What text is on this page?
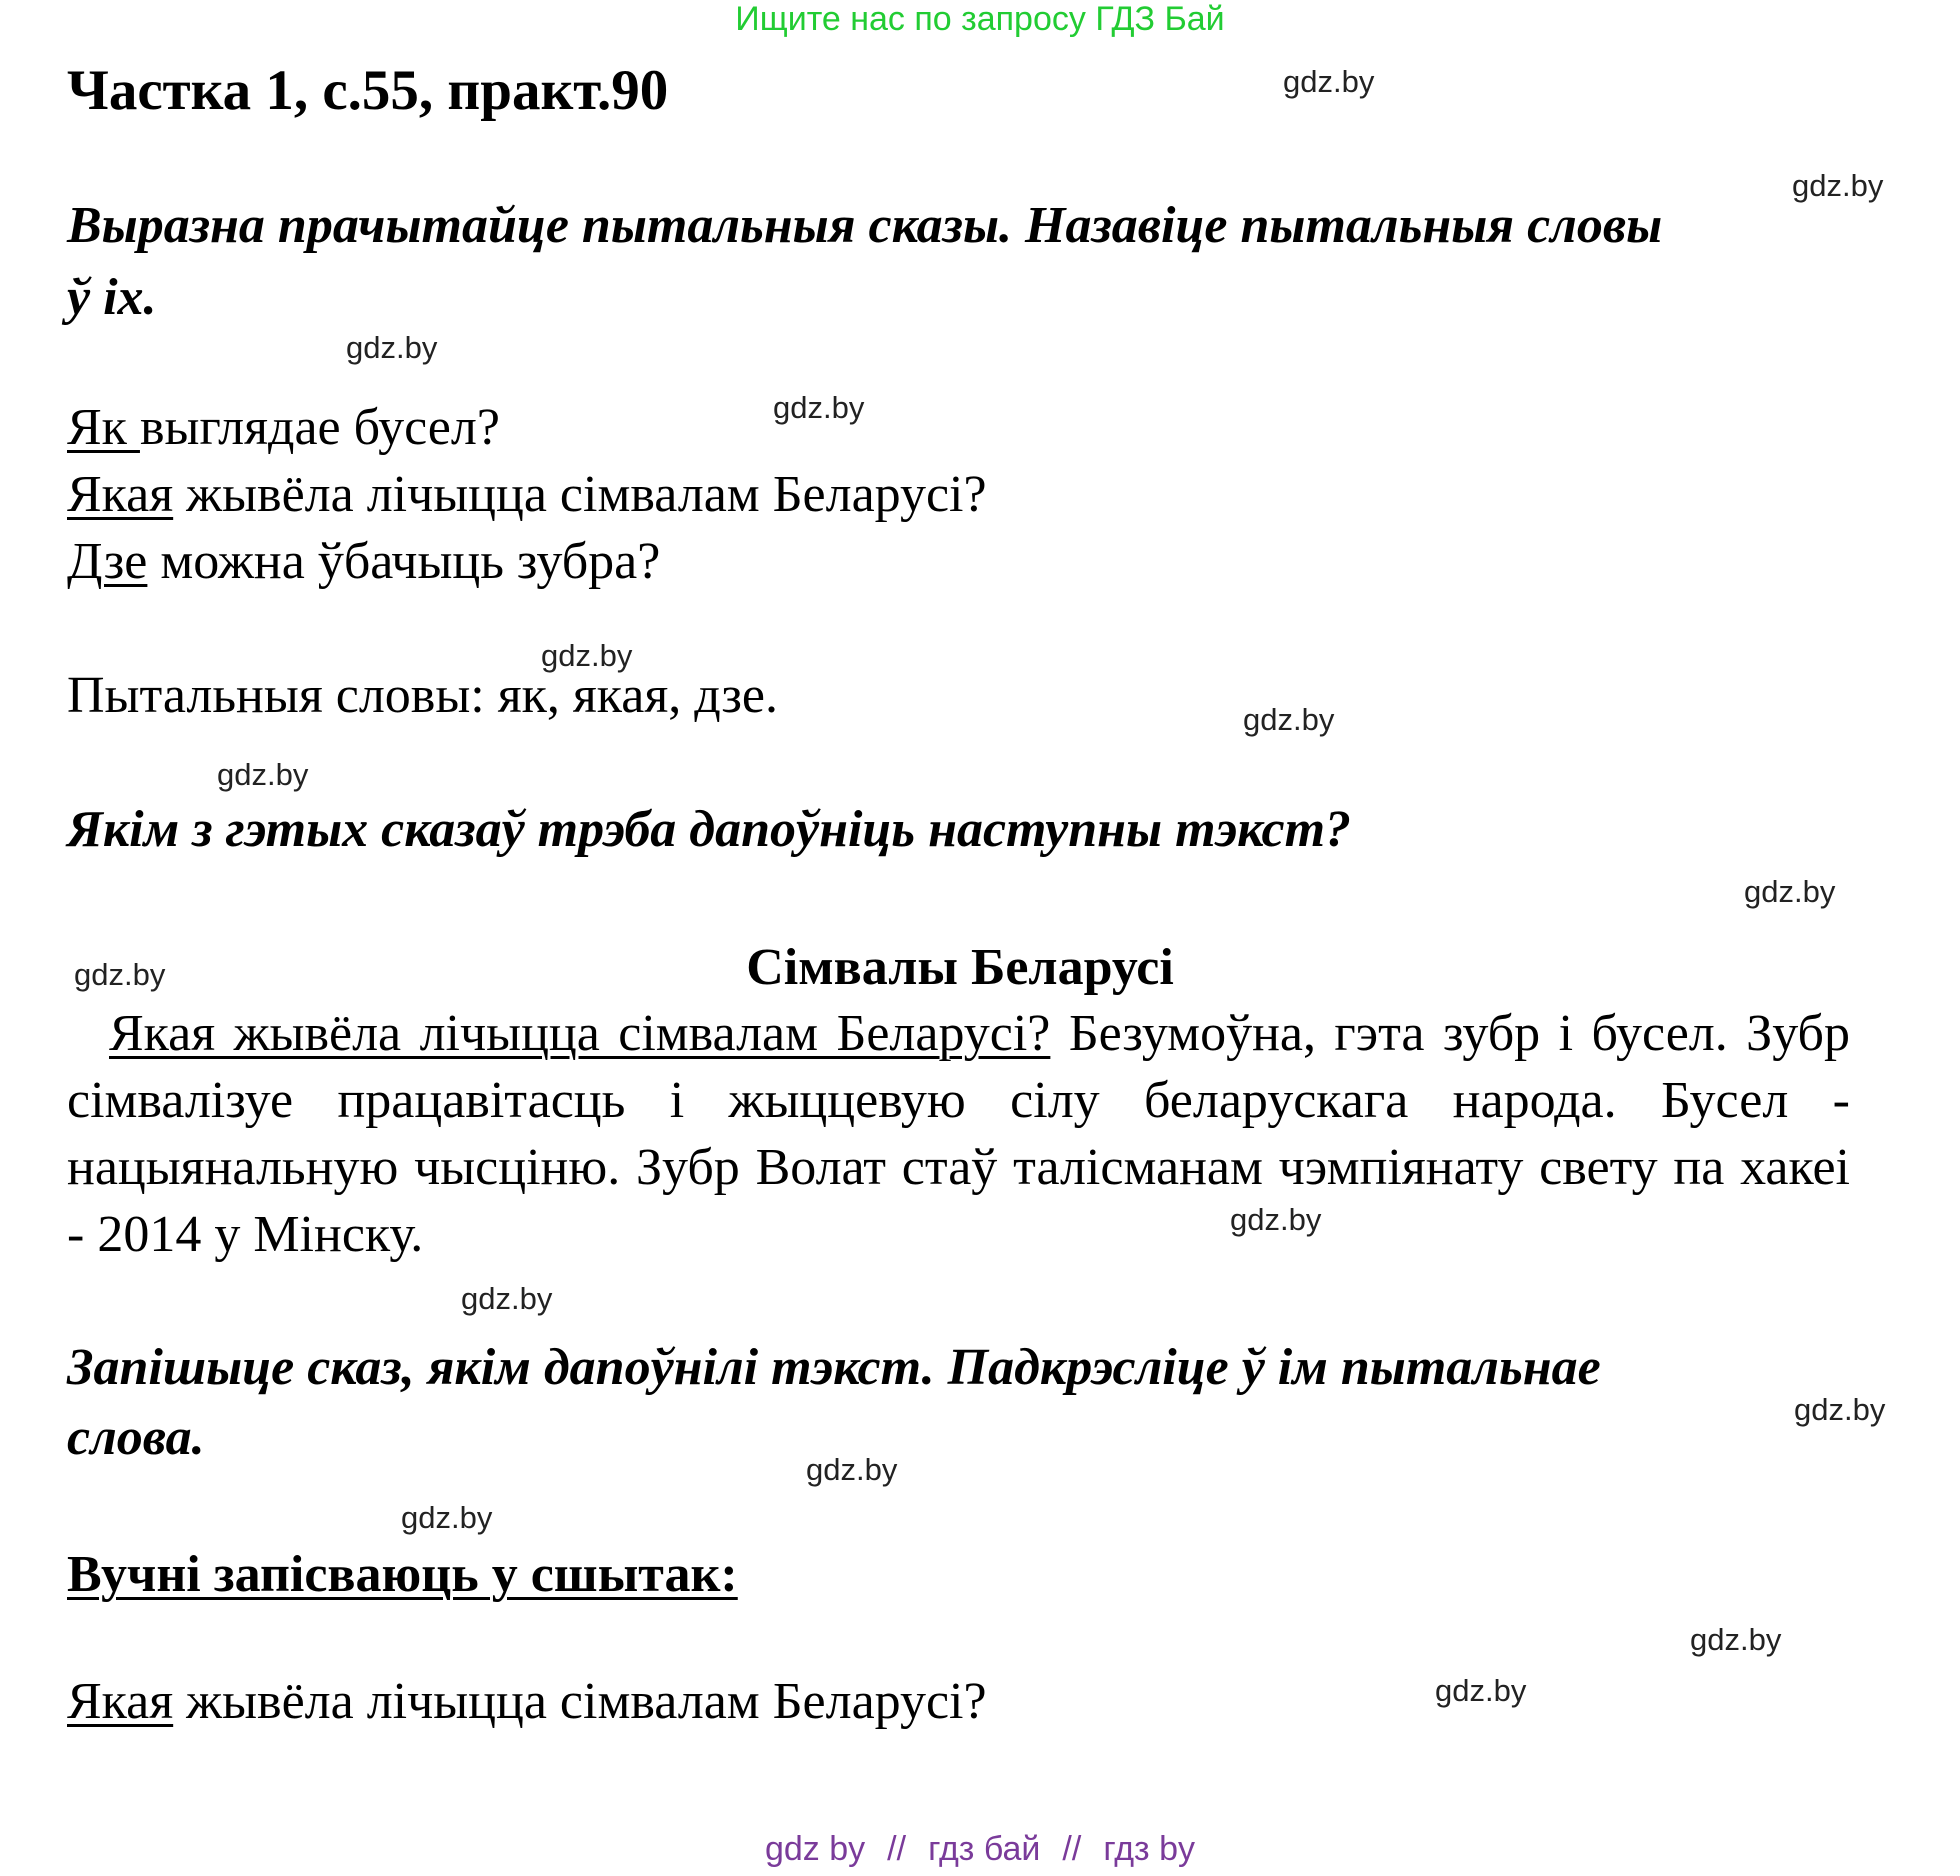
Ищите нас по запросу ГДЗ Бай
Частка 1, с.55, практ.90
Выразна прачытайце пытальныя сказы. Назавіце пытальныя словы
ў іх.
Як выглядае бусел?
Якая жывёла лічыцца сімвалам Беларусі?
Дзе можна ўбачыць зубра?
Пытальныя словы: як, якая, дзе.
Якім з гэтых сказаў трэба дапоўніць наступны тэкст?
Сімвалы Беларусі
Якая жывёла лічыцца сімвалам Беларусі? Безумоўна, гэта зубр і бусел. Зубр сімвалізуе працавітасць і жыццевую сілу беларускага народа. Бусел - нацыянальную чысціню. Зубр Волат стаў талісманам чэмпіянату свету па хакеі - 2014 у Мінску.
Запішыце сказ, якім дапоўнілі тэкст. Падкрэсліце ў ім пытальнае
слова.
Вучні запісваюць у сшытак:
Якая жывёла лічыцца сімвалам Беларусі?
gdz.by
gdz.by
gdz.by
gdz.by
gdz.by
gdz.by
gdz.by
gdz.by
gdz.by
gdz.by
gdz.by
gdz.by
gdz.by
gdz.by
gdz.by
gdz.by
gdz by // гдз бай // гдз by
